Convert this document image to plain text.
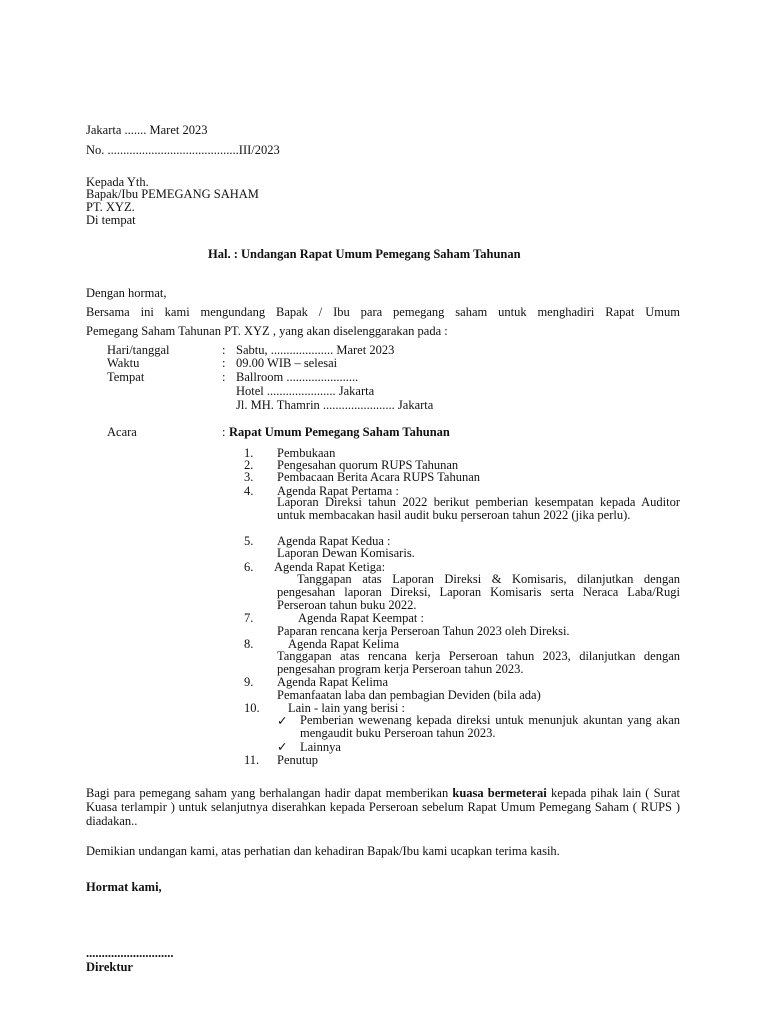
Jakarta ....... Maret 2023
No. ..........................................III/2023
Kepada Yth.
Bapak/Ibu PEMEGANG SAHAM
PT. XYZ.
Di tempat
Hal. : Undangan Rapat Umum Pemegang Saham Tahunan
Dengan hormat,
Bersama ini kami mengundang Bapak / Ibu para pemegang saham untuk menghadiri Rapat Umum
Pemegang Saham Tahunan PT. XYZ , yang akan diselenggarakan pada :
Hari/tanggal	: Sabtu, .................... Maret 2023
Waktu	: 09.00 WIB – selesai
Tempat	: Ballroom .......................
Hotel ...................... Jakarta
Jl. MH. Thamrin ....................... Jakarta
Acara	: Rapat Umum Pemegang Saham Tahunan
1. Pembukaan
2. Pengesahan quorum RUPS Tahunan
3. Pembacaan Berita Acara RUPS Tahunan
4. Agenda Rapat Pertama :
Laporan Direksi tahun 2022 berikut pemberian kesempatan kepada Auditor untuk membacakan hasil audit buku perseroan tahun 2022 (jika perlu).
5. Agenda Rapat Kedua :
Laporan Dewan Komisaris.
6. Agenda Rapat Ketiga:
Tanggapan atas Laporan Direksi & Komisaris, dilanjutkan dengan pengesahan laporan Direksi, Laporan Komisaris serta Neraca Laba/Rugi Perseroan tahun buku 2022.
7.	Agenda Rapat Keempat :
Paparan rencana kerja Perseroan Tahun 2023 oleh Direksi.
8.	Agenda Rapat Kelima
Tanggapan atas rencana kerja Perseroan tahun 2023, dilanjutkan dengan pengesahan program kerja Perseroan tahun 2023.
9. Agenda Rapat Kelima
Pemanfaatan laba dan pembagian Deviden (bila ada)
10. Lain - lain yang berisi :
✓ Pemberian wewenang kepada direksi untuk menunjuk akuntan yang akan mengaudit buku Perseroan tahun 2023.
✓ Lainnya
11. Penutup
Bagi para pemegang saham yang berhalangan hadir dapat memberikan kuasa bermeterai kepada pihak lain ( Surat Kuasa terlampir ) untuk selanjutnya diserahkan kepada Perseroan sebelum Rapat Umum Pemegang Saham ( RUPS ) diadakan..
Demikian undangan kami, atas perhatian dan kehadiran Bapak/Ibu kami ucapkan terima kasih.
Hormat kami,
............................
Direktur
